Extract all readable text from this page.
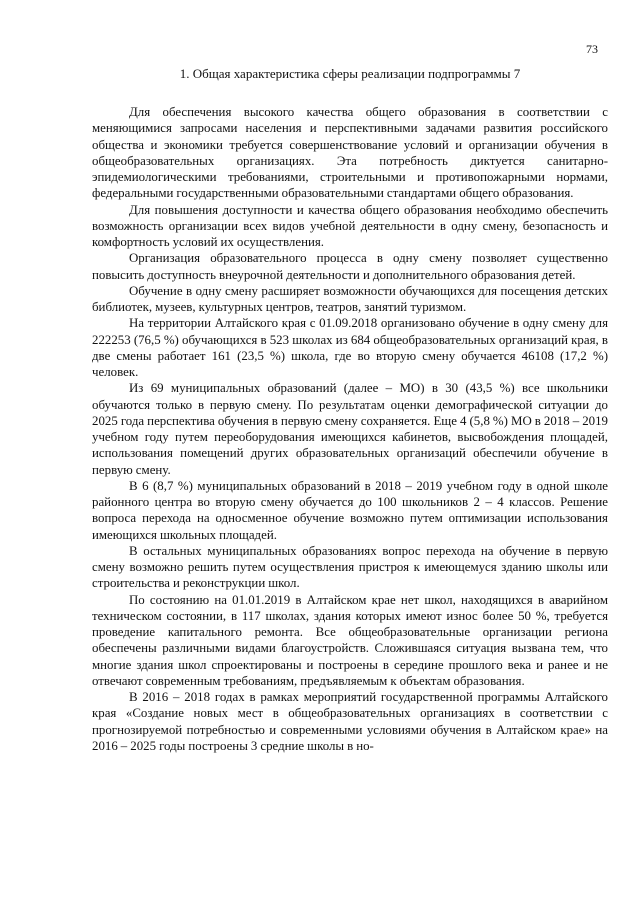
73
1. Общая характеристика сферы реализации подпрограммы 7

Для обеспечения высокого качества общего образования в соответствии с меняющимися запросами населения и перспективными задачами развития российского общества и экономики требуется совершенствование условий и организации обучения в общеобразовательных организациях. Эта потребность диктуется санитарно-эпидемиологическими требованиями, строительными и противопожарными нормами, федеральными государственными образовательными стандартами общего образования.

Для повышения доступности и качества общего образования необходимо обеспечить возможность организации всех видов учебной деятельности в одну смену, безопасность и комфортность условий их осуществления.

Организация образовательного процесса в одну смену позволяет существенно повысить доступность внеурочной деятельности и дополнительного образования детей.

Обучение в одну смену расширяет возможности обучающихся для посещения детских библиотек, музеев, культурных центров, театров, занятий туризмом.

На территории Алтайского края с 01.09.2018 организовано обучение в одну смену для 222253 (76,5 %) обучающихся в 523 школах из 684 общеобразовательных организаций края, в две смены работает 161 (23,5 %) школа, где во вторую смену обучается 46108 (17,2 %) человек.

Из 69 муниципальных образований (далее – МО) в 30 (43,5 %) все школьники обучаются только в первую смену. По результатам оценки демографической ситуации до 2025 года перспектива обучения в первую смену сохраняется. Еще 4 (5,8 %) МО в 2018 – 2019 учебном году путем переоборудования имеющихся кабинетов, высвобождения площадей, использования помещений других образовательных организаций обеспечили обучение в первую смену.

В 6 (8,7 %) муниципальных образований в 2018 – 2019 учебном году в одной школе районного центра во вторую смену обучается до 100 школьников 2 – 4 классов. Решение вопроса перехода на односменное обучение возможно путем оптимизации использования имеющихся школьных площадей.

В остальных муниципальных образованиях вопрос перехода на обучение в первую смену возможно решить путем осуществления пристроя к имеющемуся зданию школы или строительства и реконструкции школ.

По состоянию на 01.01.2019 в Алтайском крае нет школ, находящихся в аварийном техническом состоянии, в 117 школах, здания которых имеют износ более 50 %, требуется проведение капитального ремонта. Все общеобразовательные организации региона обеспечены различными видами благоустройств. Сложившаяся ситуация вызвана тем, что многие здания школ спроектированы и построены в середине прошлого века и ранее и не отвечают современным требованиям, предъявляемым к объектам образования.

В 2016 – 2018 годах в рамках мероприятий государственной программы Алтайского края «Создание новых мест в общеобразовательных организациях в соответствии с прогнозируемой потребностью и современными условиями обучения в Алтайском крае» на 2016 – 2025 годы построены 3 средние школы в но-
